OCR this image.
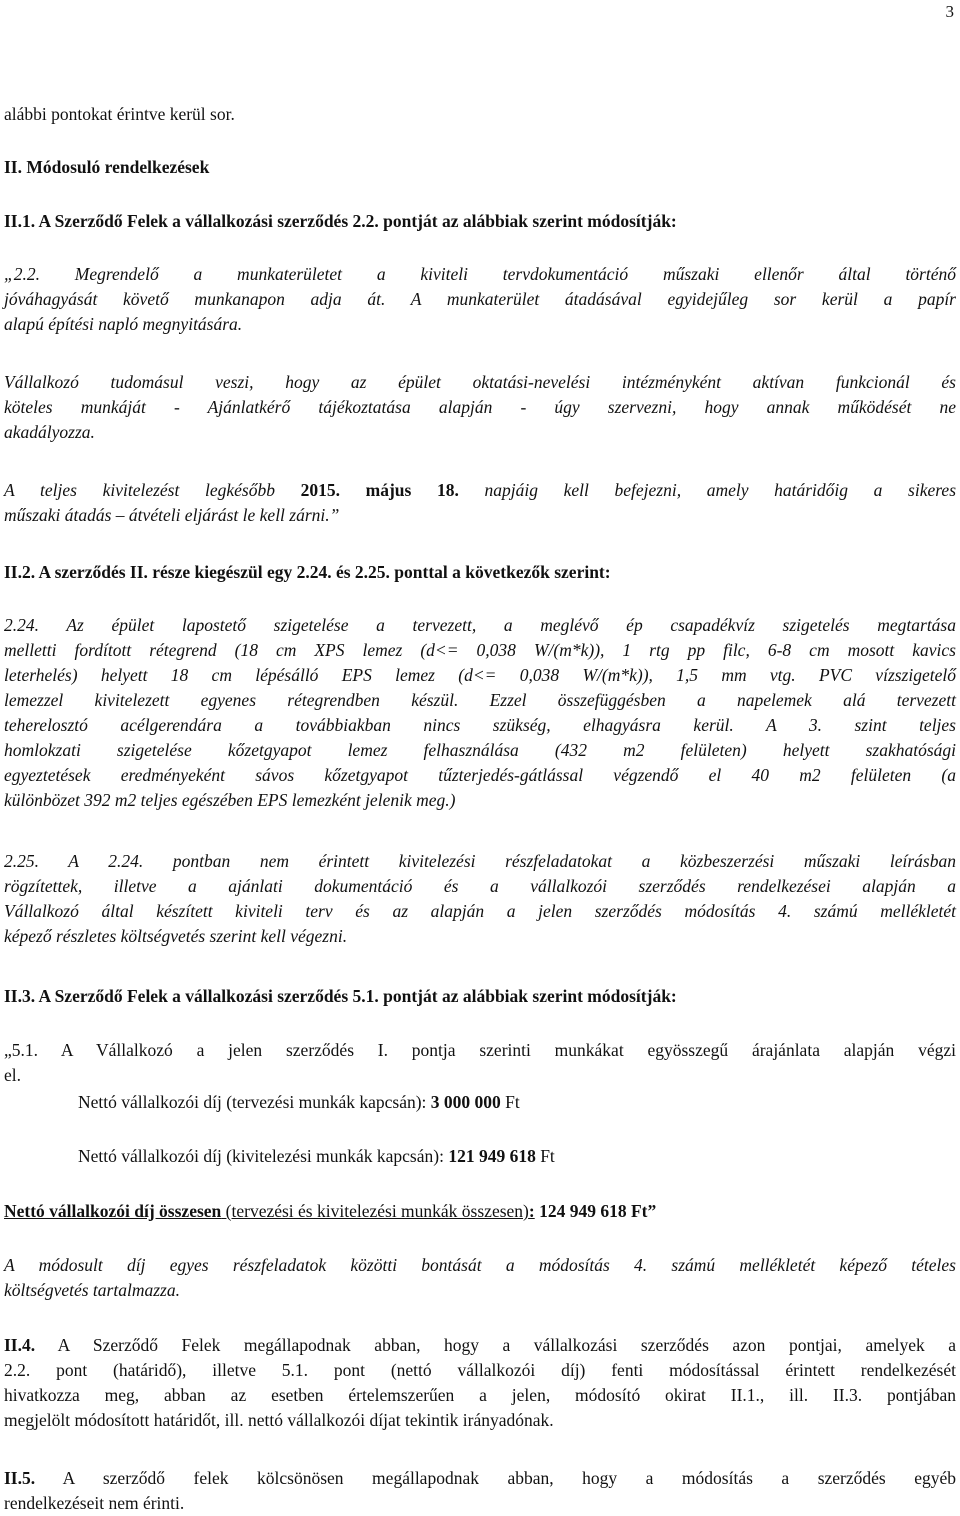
3

alábbi pontokat érintve kerül sor.

II. Módosuló rendelkezések

II.1. A Szerződő Felek a vállalkozási szerződés 2.2. pontját az alábbiak szerint módosítják:

„2.2. Megrendelő a munkaterületet a kiviteli tervdokumentáció műszaki ellenőr által történő
jóváhagyását követő munkanapon adja át. A munkaterület átadásával egyidejűleg sor kerül a papír
alapú építési napló megnyitására.
Vállalkozó tudomásul veszi, hogy az épület oktatási-nevelési intézményként aktívan funkcionál és
köteles munkáját - Ajánlatkérő tájékoztatása alapján - úgy szervezni, hogy annak működését ne
akadályozza.
A teljes kivitelezést legkésőbb 2015. május 18. napjáig kell befejezni, amely határidőig a sikeres
műszaki átadás – átvételi eljárást le kell zárni.”

II.2. A szerződés II. része kiegészül egy 2.24. és 2.25. ponttal a következők szerint:

2.24. Az épület lapostető szigetelése a tervezett, a meglévő ép csapadékvíz szigetelés megtartása
melletti fordított rétegrend (18 cm XPS lemez (d<= 0,038 W/(m*k)), 1 rtg pp filc, 6-8 cm mosott kavics
leterhelés) helyett 18 cm lépésálló EPS lemez (d<= 0,038 W/(m*k)), 1,5 mm vtg. PVC vízszigetelő
lemezzel kivitelezett egyenes rétegrendben készül. Ezzel összefüggésben a napelemek alá tervezett
teherelosztó acélgerendára a továbbiakban nincs szükség, elhagyásra kerül. A 3. szint teljes
homlokzati szigetelése kőzetgyapot lemez felhasználása (432 m2 felületen) helyett szakhatósági
egyeztetések eredményeként sávos kőzetgyapot tűzterjedés-gátlással végzendő el 40 m2 felületen (a
különbözet 392 m2 teljes egészében EPS lemezként jelenik meg.)
2.25. A 2.24. pontban nem érintett kivitelezési részfeladatokat a közbeszerzési műszaki leírásban
rögzítettek, illetve a ajánlati dokumentáció és a vállalkozói szerződés rendelkezései alapján a
Vállalkozó által készített kiviteli terv és az alapján a jelen szerződés módosítás 4. számú mellékletét
képező részletes költségvetés szerint kell végezni.

II.3. A Szerződő Felek a vállalkozási szerződés 5.1. pontját az alábbiak szerint módosítják:

„5.1. A Vállalkozó a jelen szerződés I. pontja szerinti munkákat egyösszegű árajánlata alapján végzi
el.
Nettó vállalkozói díj (tervezési munkák kapcsán): 3 000 000 Ft
Nettó vállalkozói díj (kivitelezési munkák kapcsán): 121 949 618 Ft
Nettó vállalkozói díj összesen (tervezési és kivitelezési munkák összesen): 124 949 618 Ft”
A módosult díj egyes részfeladatok közötti bontását a módosítás 4. számú mellékletét képező tételes
költségvetés tartalmazza.
II.4. A Szerződő Felek megállapodnak abban, hogy a vállalkozási szerződés azon pontjai, amelyek a
2.2. pont (határidő), illetve 5.1. pont (nettó vállalkozói díj) fenti módosítással érintett rendelkezését
hivatkozza meg, abban az esetben értelemszerűen a jelen, módosító okirat II.1., ill. II.3. pontjában
megjelölt módosított határidőt, ill. nettó vállalkozói díjat tekintik irányadónak.
II.5. A szerződő felek kölcsönösen megállapodnak abban, hogy a módosítás a szerződés egyéb
rendelkezéseit nem érinti.
